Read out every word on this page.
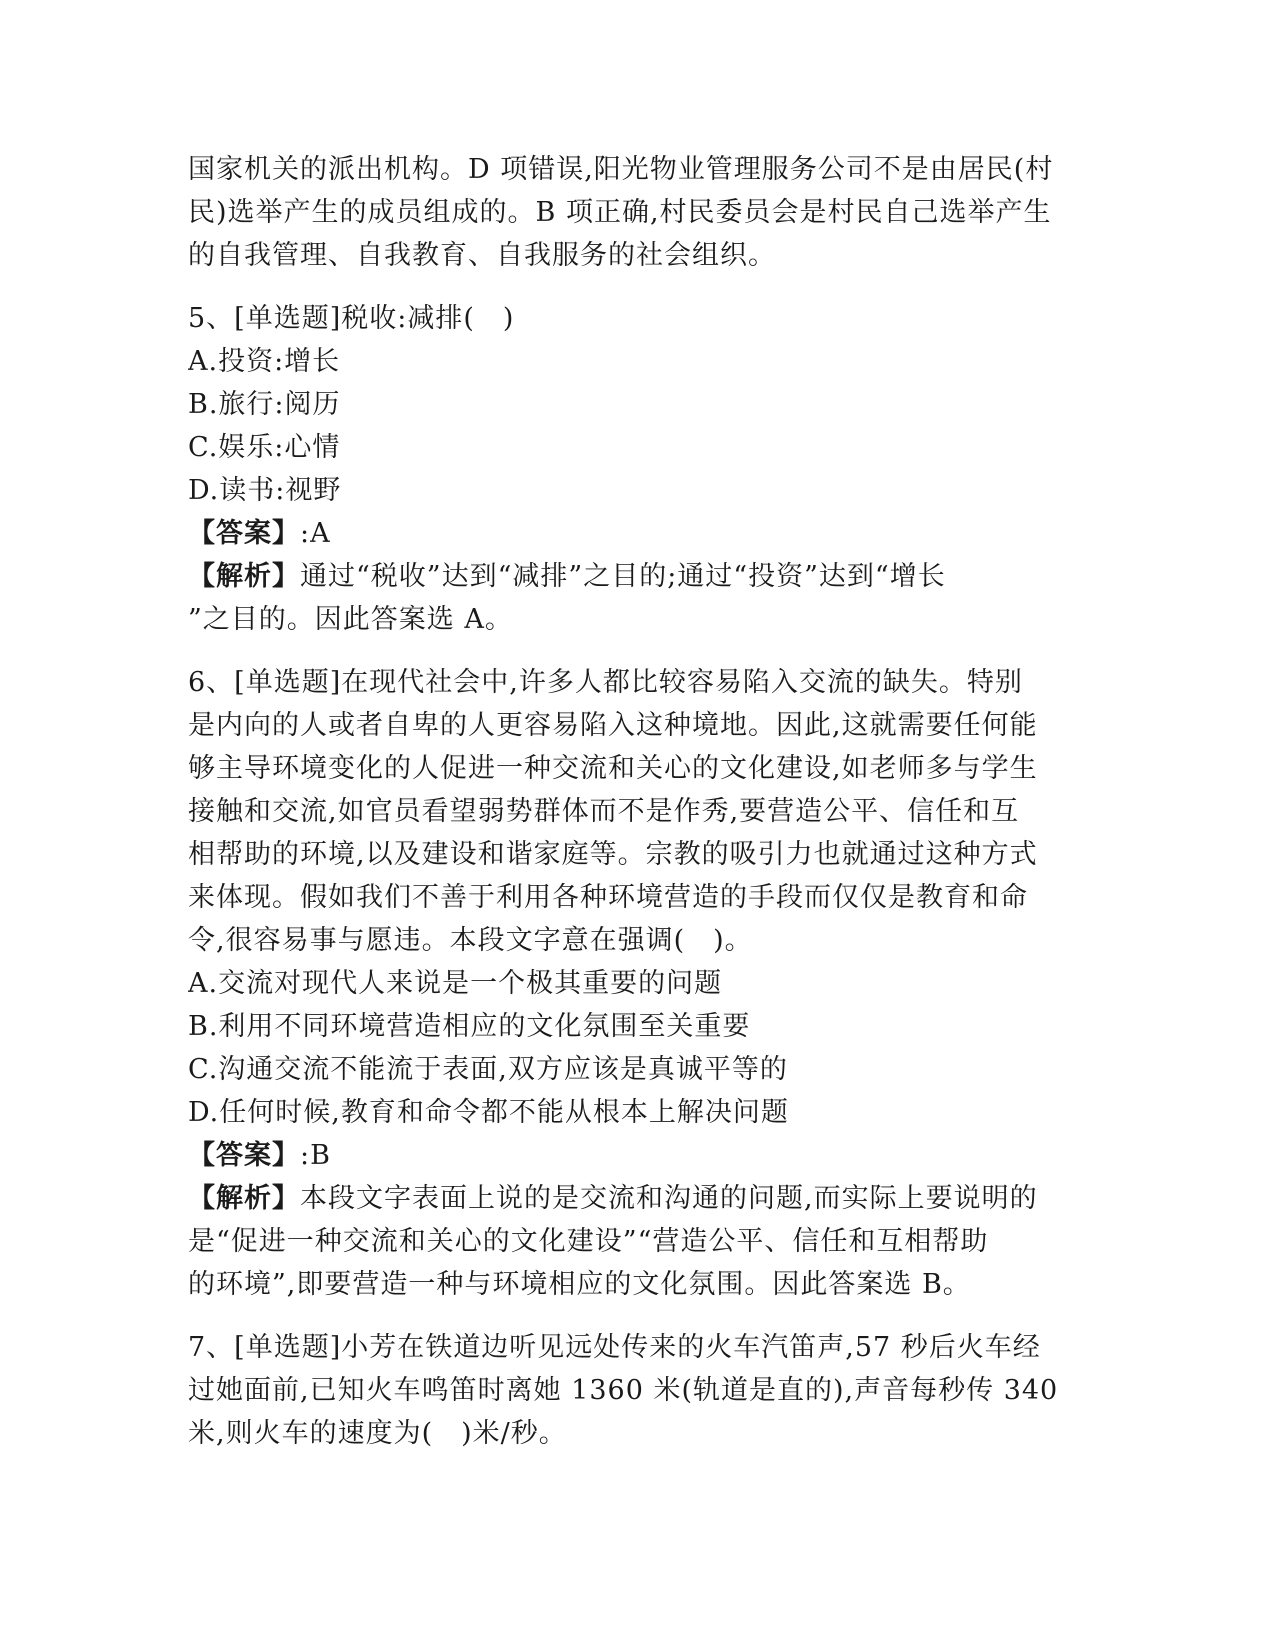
国家机关的派出机构。D 项错误,阳光物业管理服务公司不是由居民(村
民)选举产生的成员组成的。B 项正确,村民委员会是村民自己选举产生
的自我管理、自我教育、自我服务的社会组织。
5、[单选题]税收:减排(　)
A.投资:增长
B.旅行:阅历
C.娱乐:心情
D.读书:视野
【答案】:A
【解析】通过“税收”达到“减排”之目的;通过“投资”达到“增长
”之目的。因此答案选 A。
6、[单选题]在现代社会中,许多人都比较容易陷入交流的缺失。特别
是内向的人或者自卑的人更容易陷入这种境地。因此,这就需要任何能
够主导环境变化的人促进一种交流和关心的文化建设,如老师多与学生
接触和交流,如官员看望弱势群体而不是作秀,要营造公平、信任和互
相帮助的环境,以及建设和谐家庭等。宗教的吸引力也就通过这种方式
来体现。假如我们不善于利用各种环境营造的手段而仅仅是教育和命
令,很容易事与愿违。本段文字意在强调(　)。
A.交流对现代人来说是一个极其重要的问题
B.利用不同环境营造相应的文化氛围至关重要
C.沟通交流不能流于表面,双方应该是真诚平等的
D.任何时候,教育和命令都不能从根本上解决问题
【答案】:B
【解析】本段文字表面上说的是交流和沟通的问题,而实际上要说明的
是“促进一种交流和关心的文化建设”“营造公平、信任和互相帮助
的环境”,即要营造一种与环境相应的文化氛围。因此答案选 B。
7、[单选题]小芳在铁道边听见远处传来的火车汽笛声,57 秒后火车经
过她面前,已知火车鸣笛时离她 1360 米(轨道是直的),声音每秒传 340
米,则火车的速度为(　)米/秒。
